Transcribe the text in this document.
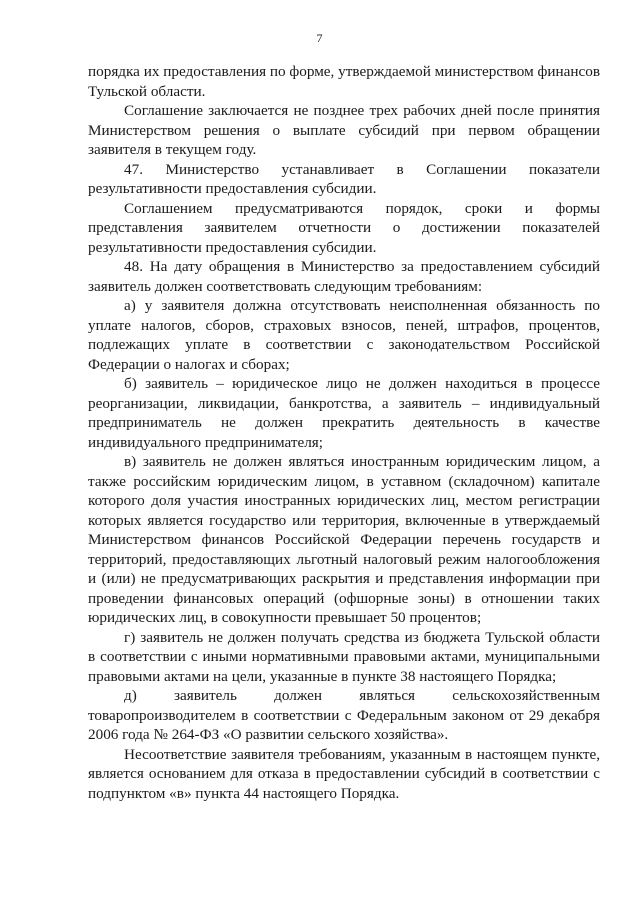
7

порядка их предоставления по форме, утверждаемой министерством финансов Тульской области.

Соглашение заключается не позднее трех рабочих дней после принятия Министерством решения о выплате субсидий при первом обращении заявителя в текущем году.

47. Министерство устанавливает в Соглашении показатели результативности предоставления субсидии.

Соглашением предусматриваются порядок, сроки и формы представления заявителем отчетности о достижении показателей результативности предоставления субсидии.

48. На дату обращения в Министерство за предоставлением субсидий заявитель должен соответствовать следующим требованиям:

а) у заявителя должна отсутствовать неисполненная обязанность по уплате налогов, сборов, страховых взносов, пеней, штрафов, процентов, подлежащих уплате в соответствии с законодательством Российской Федерации о налогах и сборах;

б) заявитель – юридическое лицо не должен находиться в процессе реорганизации, ликвидации, банкротства, а заявитель – индивидуальный предприниматель не должен прекратить деятельность в качестве индивидуального предпринимателя;

в) заявитель не должен являться иностранным юридическим лицом, а также российским юридическим лицом, в уставном (складочном) капитале которого доля участия иностранных юридических лиц, местом регистрации которых является государство или территория, включенные в утверждаемый Министерством финансов Российской Федерации перечень государств и территорий, предоставляющих льготный налоговый режим налогообложения и (или) не предусматривающих раскрытия и представления информации при проведении финансовых операций (офшорные зоны) в отношении таких юридических лиц, в совокупности превышает 50 процентов;

г) заявитель не должен получать средства из бюджета Тульской области в соответствии с иными нормативными правовыми актами, муниципальными правовыми актами на цели, указанные в пункте 38 настоящего Порядка;

д) заявитель должен являться сельскохозяйственным товаропроизводителем в соответствии с Федеральным законом от 29 декабря 2006 года № 264-ФЗ «О развитии сельского хозяйства».

Несоответствие заявителя требованиям, указанным в настоящем пункте, является основанием для отказа в предоставлении субсидий в соответствии с подпунктом «в» пункта 44 настоящего Порядка.
